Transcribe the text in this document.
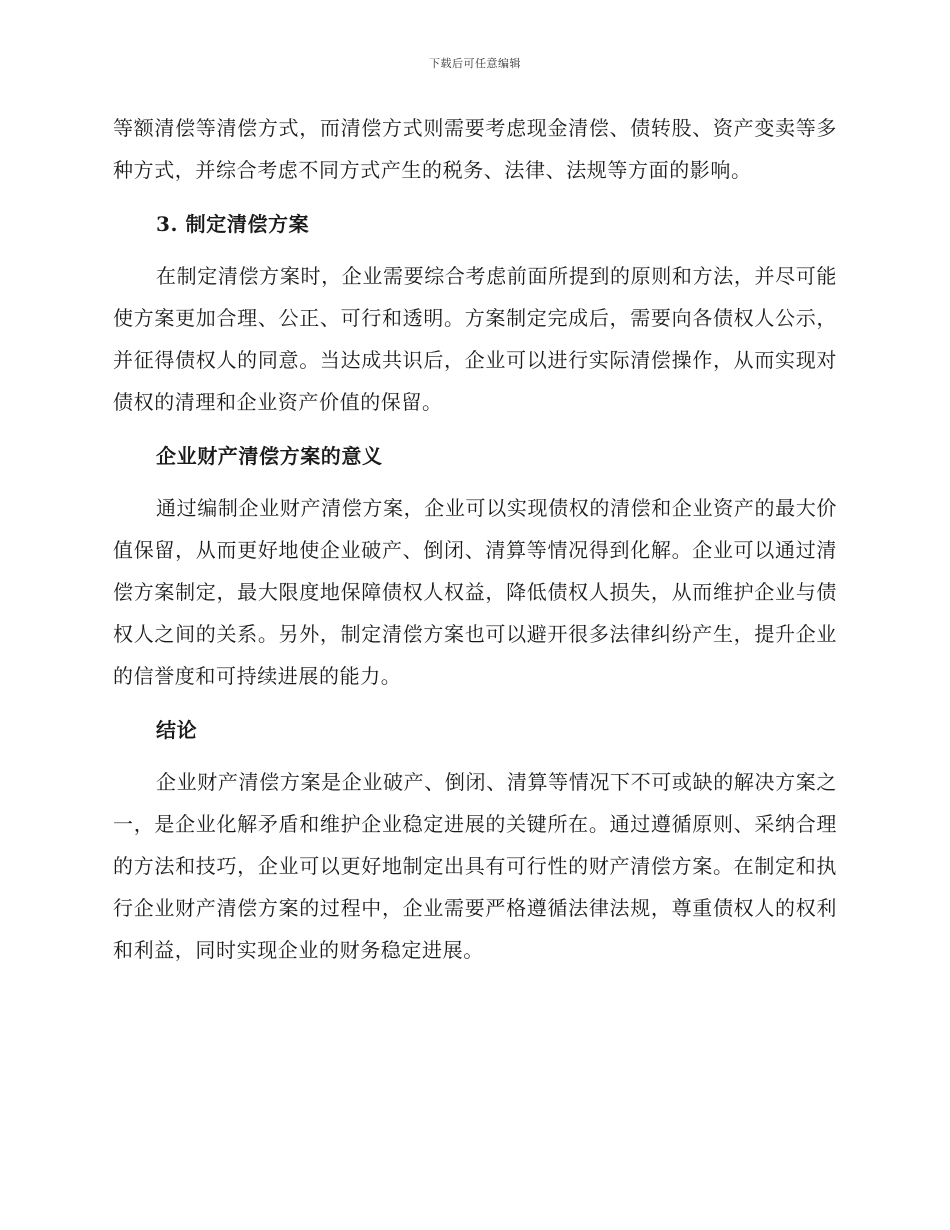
下载后可任意编辑

等额清偿等清偿方式，而清偿方式则需要考虑现金清偿、债转股、资产变卖等多种方式，并综合考虑不同方式产生的税务、法律、法规等方面的影响。

3. 制定清偿方案

在制定清偿方案时，企业需要综合考虑前面所提到的原则和方法，并尽可能使方案更加合理、公正、可行和透明。方案制定完成后，需要向各债权人公示，并征得债权人的同意。当达成共识后，企业可以进行实际清偿操作，从而实现对债权的清理和企业资产价值的保留。

企业财产清偿方案的意义

通过编制企业财产清偿方案，企业可以实现债权的清偿和企业资产的最大价值保留，从而更好地使企业破产、倒闭、清算等情况得到化解。企业可以通过清偿方案制定，最大限度地保障债权人权益，降低债权人损失，从而维护企业与债权人之间的关系。另外，制定清偿方案也可以避开很多法律纠纷产生，提升企业的信誉度和可持续进展的能力。

结论

企业财产清偿方案是企业破产、倒闭、清算等情况下不可或缺的解决方案之一，是企业化解矛盾和维护企业稳定进展的关键所在。通过遵循原则、采纳合理的方法和技巧，企业可以更好地制定出具有可行性的财产清偿方案。在制定和执行企业财产清偿方案的过程中，企业需要严格遵循法律法规，尊重债权人的权利和利益，同时实现企业的财务稳定进展。
